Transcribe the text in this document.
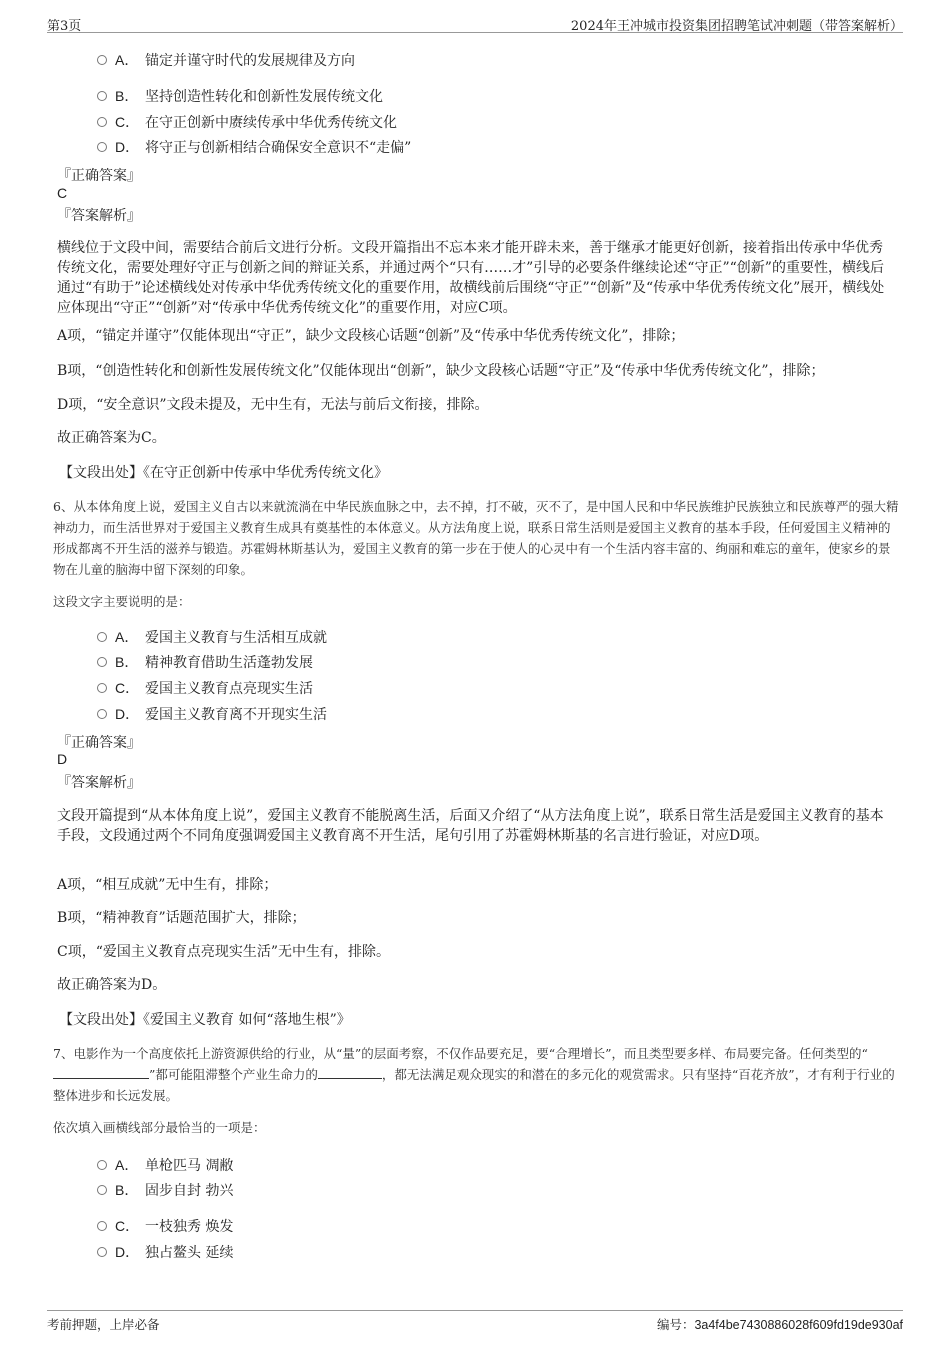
第3页	2024年王冲城市投资集团招聘笔试冲刺题（带答案解析）
A． 锚定并谨守时代的发展规律及方向
B． 坚持创造性转化和创新性发展传统文化
C． 在守正创新中赓续传承中华优秀传统文化
D． 将守正与创新相结合确保安全意识不“走偏”
『正确答案』
C
『答案解析』
横线位于文段中间，需要结合前后文进行分析。文段开篇指出不忘本来才能开辟未来，善于继承才能更好创新，接着指出传承中华优秀传统文化，需要处理好守正与创新之间的辩证关系，并通过两个“只有……才”引导的必要条件继续论述“守正”“创新”的重要性，横线后通过“有助于”论述横线处对传承中华优秀传统文化的重要作用，故横线前后围绕“守正”“创新”及“传承中华优秀传统文化”展开，横线处应体现出“守正”“创新”对“传承中华优秀传统文化”的重要作用，对应C项。
A项，“锚定并谨守”仅能体现出“守正”，缺少文段核心话题“创新”及“传承中华优秀传统文化”，排除；
B项，“创造性转化和创新性发展传统文化”仅能体现出“创新”，缺少文段核心话题“守正”及“传承中华优秀传统文化”，排除；
D项，“安全意识”文段未提及，无中生有，无法与前后文衔接，排除。
故正确答案为C。
【文段出处】《在守正创新中传承中华优秀传统文化》
6、从本体角度上说，爱国主义自古以来就流淌在中华民族血脉之中，去不掉，打不破，灭不了，是中国人民和中华民族维护民族独立和民族尊严的强大精神动力，而生活世界对于爱国主义教育生成具有奠基性的本体意义。从方法角度上说，联系日常生活则是爱国主义教育的基本手段，任何爱国主义精神的形成都离不开生活的滋养与锻造。苏霍姆林斯基认为，爱国主义教育的第一步在于使人的心灵中有一个生活内容丰富的、绚丽和难忘的童年，使家乡的景物在儿童的脑海中留下深刻的印象。
这段文字主要说明的是：
A． 爱国主义教育与生活相互成就
B． 精神教育借助生活蓬勃发展
C． 爱国主义教育点亮现实生活
D． 爱国主义教育离不开现实生活
『正确答案』
D
『答案解析』
文段开篇提到“从本体角度上说”，爱国主义教育不能脱离生活，后面又介绍了“从方法角度上说”，联系日常生活是爱国主义教育的基本手段，文段通过两个不同角度强调爱国主义教育离不开生活，尾句引用了苏霍姆林斯基的名言进行验证，对应D项。
A项，“相互成就”无中生有，排除；
B项，“精神教育”话题范围扩大，排除；
C项，“爱国主义教育点亮现实生活”无中生有，排除。
故正确答案为D。
【文段出处】《爱国主义教育 如何“落地生根”》
7、电影作为一个高度依托上游资源供给的行业，从“量”的层面考察，不仅作品要充足，要“合理增长”，而且类型要多样、布局要完备。任何类型的“”都可能阻滞整个产业生命力的	，都无法满足观众现实的和潜在的多元化的观赏需求。只有坚持“百花齐放”，才有利于行业的整体进步和长远发展。
依次填入画横线部分最恰当的一项是：
A． 单枪匹马 凋敝
B． 固步自封 勃兴
C． 一枝独秀 焕发
D． 独占鳌头 延续
考前押题，上岸必备	编号：3a4f4be7430886028f609fd19de930af
